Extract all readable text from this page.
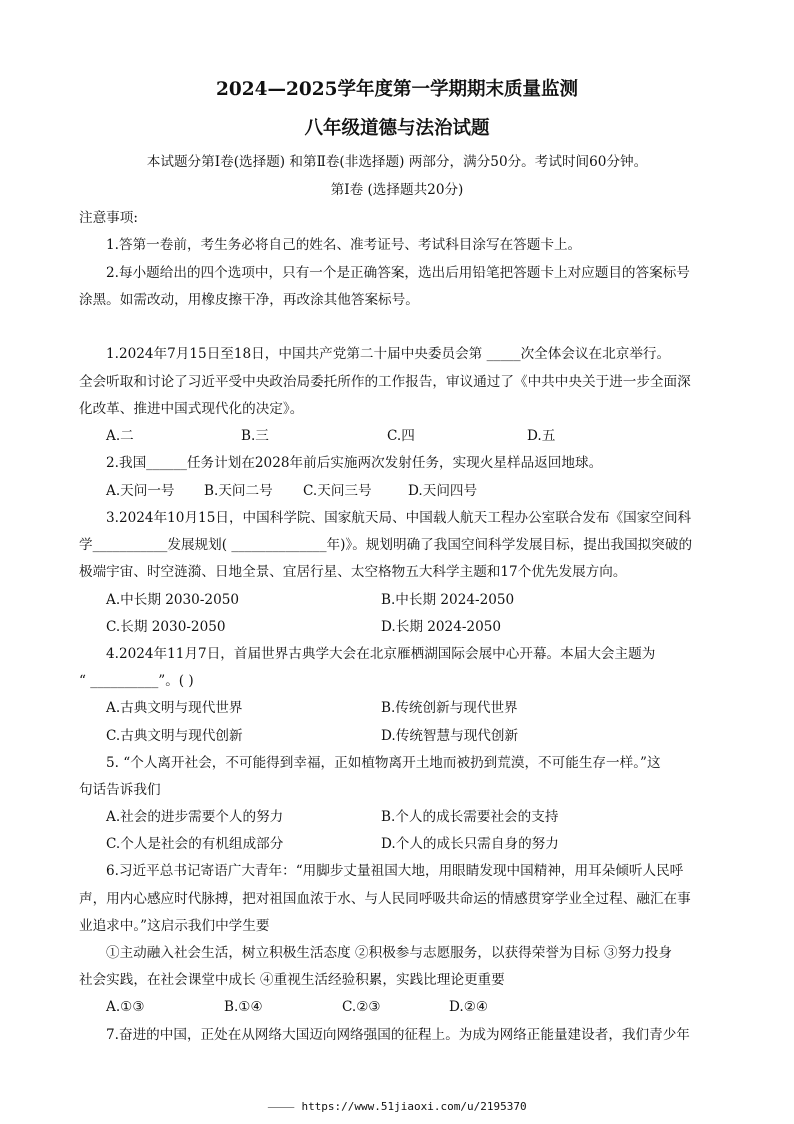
2024—2025学年度第一学期期末质量监测
八年级道德与法治试题
本试题分第Ⅰ卷(选择题) 和第Ⅱ卷(非选择题) 两部分，满分50分。考试时间60分钟。
第Ⅰ卷 (选择题共20分)
注意事项:
1.答第一卷前，考生务必将自己的姓名、准考证号、考试科目涂写在答题卡上。
2.每小题给出的四个选项中，只有一个是正确答案，选出后用铅笔把答题卡上对应题目的答案标号
涂黑。如需改动，用橡皮擦干净，再改涂其他答案标号。
1.2024年7月15日至18日，中国共产党第二十届中央委员会第 _____次全体会议在北京举行。
全会听取和讨论了习近平受中央政治局委托所作的工作报告，审议通过了《中共中央关于进一步全面深
化改革、推进中国式现代化的决定》。
A.二	B.三	C.四	D.五
2.我国______任务计划在2028年前后实施两次发射任务，实现火星样品返回地球。
A.天问一号 B.天问二号 C.天问三号	D.天问四号
3.2024年10月15日，中国科学院、国家航天局、中国载人航天工程办公室联合发布《国家空间科
学___________发展规划( ______________年)》。规划明确了我国空间科学发展目标，提出我国拟突破的
极端宇宙、时空涟漪、日地全景、宜居行星、太空格物五大科学主题和17个优先发展方向。
A.中长期 2030-2050	B.中长期 2024-2050
C.长期 2030-2050	D.长期 2024-2050
4.2024年11月7日，首届世界古典学大会在北京雁栖湖国际会展中心开幕。本届大会主题为
“ __________”。( )
A.古典文明与现代世界	B.传统创新与现代世界
C.古典文明与现代创新	D.传统智慧与现代创新
5. “个人离开社会，不可能得到幸福，正如植物离开土地而被扔到荒漠，不可能生存一样。”这
句话告诉我们
A.社会的进步需要个人的努力	B.个人的成长需要社会的支持
C.个人是社会的有机组成部分	D.个人的成长只需自身的努力
6.习近平总书记寄语广大青年：“用脚步丈量祖国大地，用眼睛发现中国精神，用耳朵倾听人民呼
声，用内心感应时代脉搏，把对祖国血浓于水、与人民同呼吸共命运的情感贯穿学业全过程、融汇在事
业追求中。”这启示我们中学生要
①主动融入社会生活，树立积极生活态度 ②积极参与志愿服务，以获得荣誉为目标 ③努力投身
社会实践，在社会课堂中成长 ④重视生活经验积累，实践比理论更重要
A.①③	B.①④	C.②③	D.②④
7.奋进的中国，正处在从网络大国迈向网络强国的征程上。为成为网络正能量建设者，我们青少年
⸻ https://www.51jiaoxi.com/u/2195370
